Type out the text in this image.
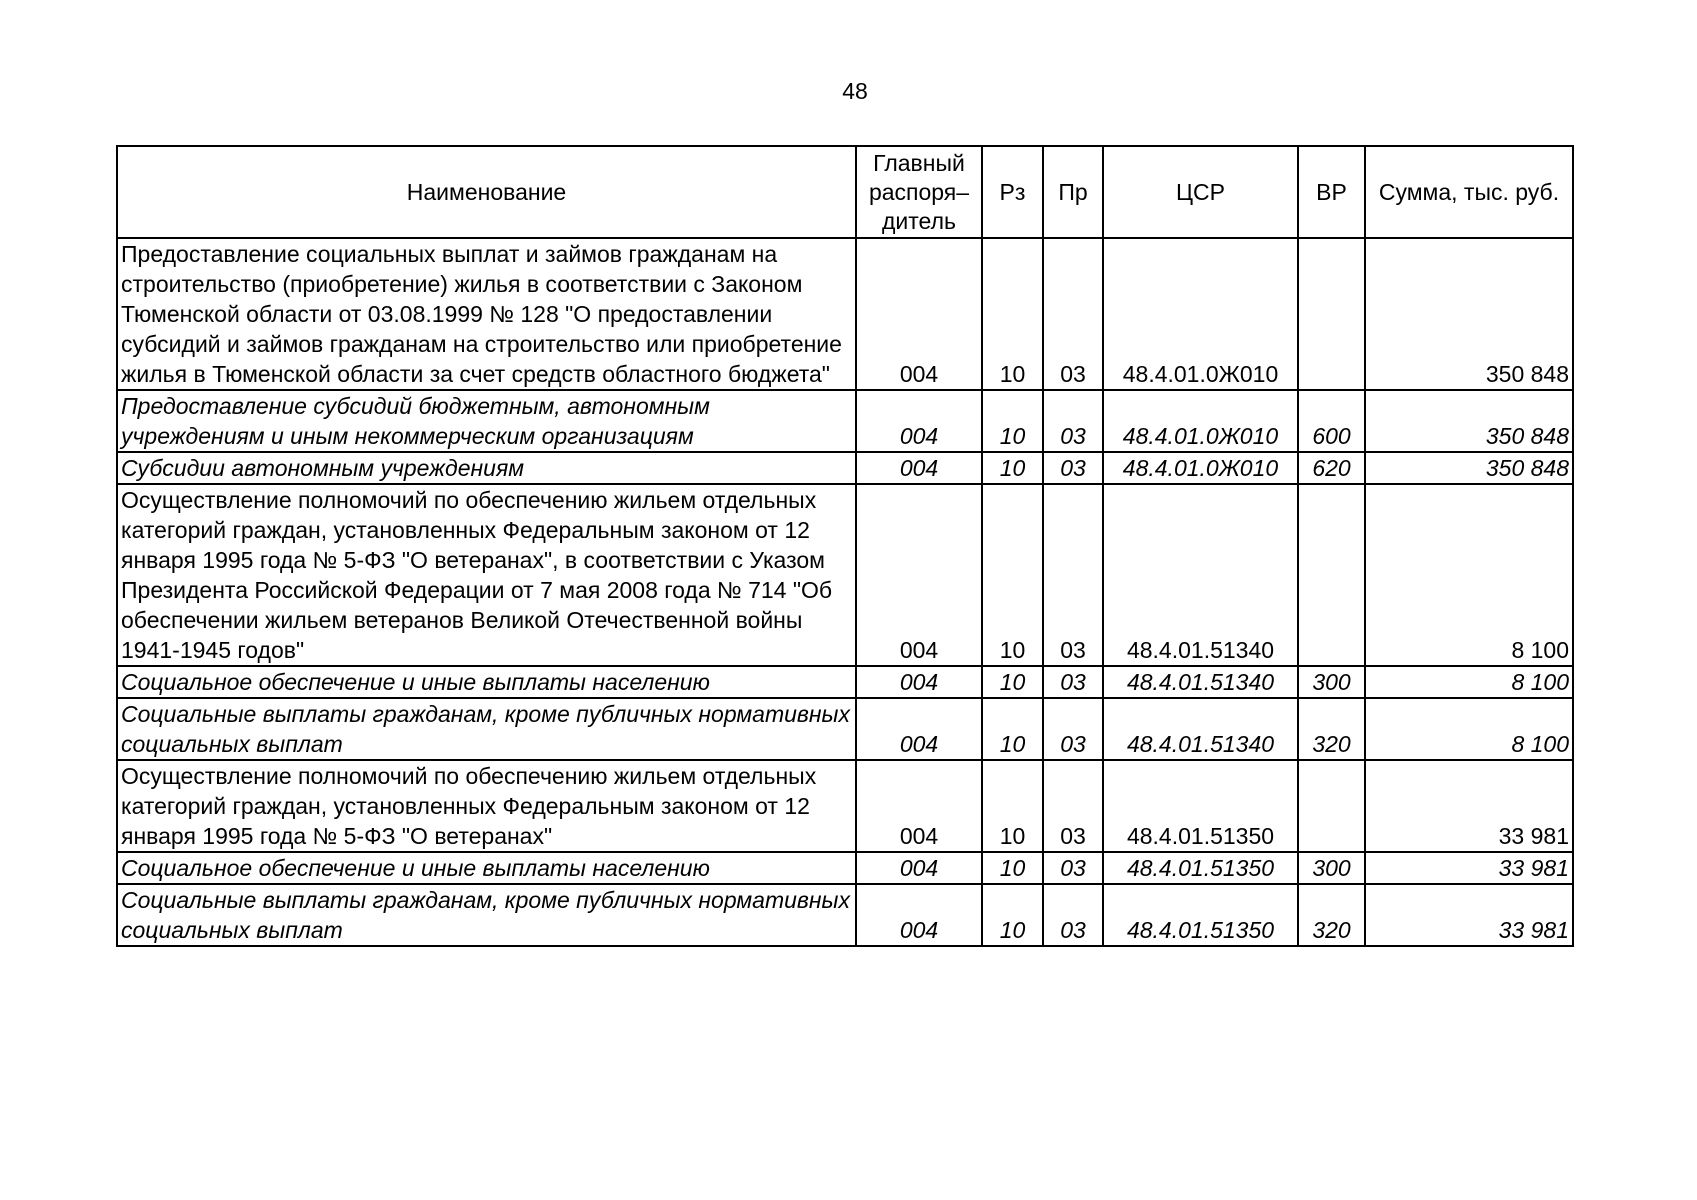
48
Наименование	Главный распоря–дитель	Рз	Пр	ЦСР	ВР	Сумма, тыс. руб.
Предоставление социальных выплат и займов гражданам на строительство (приобретение) жилья в соответствии с Законом Тюменской области от 03.08.1999 № 128 "О предоставлении субсидий и займов гражданам на строительство или приобретение жилья в Тюменской области за счет средств областного бюджета"	004	10	03	48.4.01.0Ж010		350 848
Предоставление субсидий бюджетным, автономным учреждениям и иным некоммерческим организациям	004	10	03	48.4.01.0Ж010	600	350 848
Субсидии автономным учреждениям	004	10	03	48.4.01.0Ж010	620	350 848
Осуществление полномочий по обеспечению жильем отдельных категорий граждан, установленных Федеральным законом от 12 января 1995 года № 5-ФЗ "О ветеранах", в соответствии с Указом Президента Российской Федерации от 7 мая 2008 года № 714 "Об обеспечении жильем ветеранов Великой Отечественной войны 1941-1945 годов"	004	10	03	48.4.01.51340		8 100
Социальное обеспечение и иные выплаты населению	004	10	03	48.4.01.51340	300	8 100
Социальные выплаты гражданам, кроме публичных нормативных социальных выплат	004	10	03	48.4.01.51340	320	8 100
Осуществление полномочий по обеспечению жильем отдельных категорий граждан, установленных Федеральным законом от 12 января 1995 года № 5-ФЗ "О ветеранах"	004	10	03	48.4.01.51350		33 981
Социальное обеспечение и иные выплаты населению	004	10	03	48.4.01.51350	300	33 981
Социальные выплаты гражданам, кроме публичных нормативных социальных выплат	004	10	03	48.4.01.51350	320	33 981
